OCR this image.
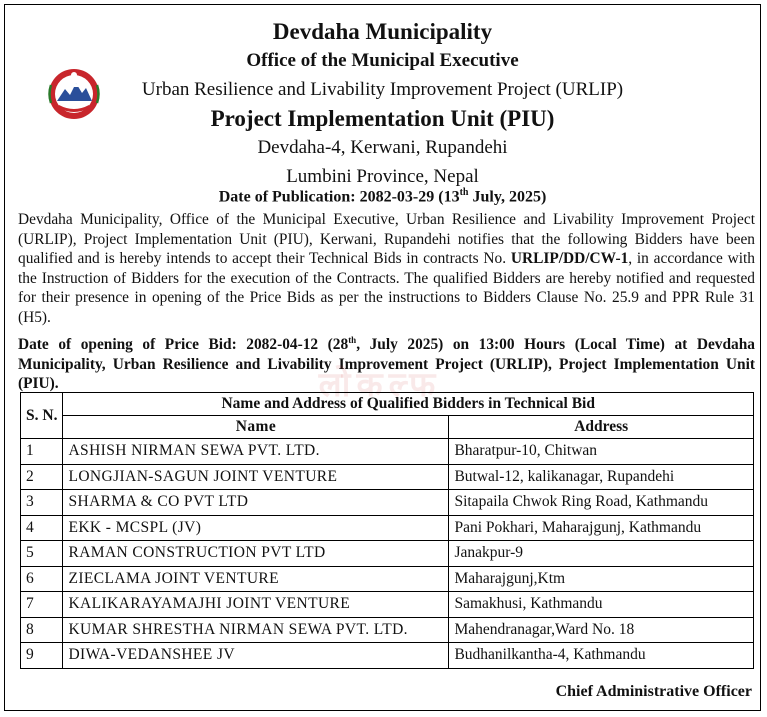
Devdaha Municipality
Office of the Municipal Executive
Urban Resilience and Livability Improvement Project (URLIP)
Project Implementation Unit (PIU)
Devdaha-4, Kerwani, Rupandehi
Lumbini Province, Nepal
Date of Publication: 2082-03-29 (13th July, 2025)
Devdaha Municipality, Office of the Municipal Executive, Urban Resilience and Livability Improvement Project (URLIP), Project Implementation Unit (PIU), Kerwani, Rupandehi notifies that the following Bidders have been qualified and is hereby intends to accept their Technical Bids in contracts No. URLIP/DD/CW-1, in accordance with the Instruction of Bidders for the execution of the Contracts. The qualified Bidders are hereby notified and requested for their presence in opening of the Price Bids as per the instructions to Bidders Clause No. 25.9 and PPR Rule 31 (H5).
Date of opening of Price Bid: 2082-04-12 (28th, July 2025) on 13:00 Hours (Local Time) at Devdaha Municipality, Urban Resilience and Livability Improvement Project (URLIP), Project Implementation Unit (PIU).	लोकल्फ
S. N.	Name and Address of Qualified Bidders in Technical Bid	
	Name	Address
1	ASHISH NIRMAN SEWA PVT. LTD.	Bharatpur-10, Chitwan
2	LONGJIAN-SAGUN JOINT VENTURE	Butwal-12, kalikanagar, Rupandehi
3	SHARMA & CO PVT LTD	Sitapaila Chwok Ring Road, Kathmandu
4	EKK - MCSPL (JV)	Pani Pokhari, Maharajgunj, Kathmandu
5	RAMAN CONSTRUCTION PVT LTD	Janakpur-9
6	ZIECLAMA JOINT VENTURE	Maharajgunj,Ktm
7	KALIKARAYAMAJHI JOINT VENTURE	Samakhusi, Kathmandu
8	KUMAR SHRESTHA NIRMAN SEWA PVT. LTD.	Mahendranagar,Ward No. 18
9	DIWA-VEDANSHEE JV	Budhanilkantha-4, Kathmandu
Chief Administrative Officer
